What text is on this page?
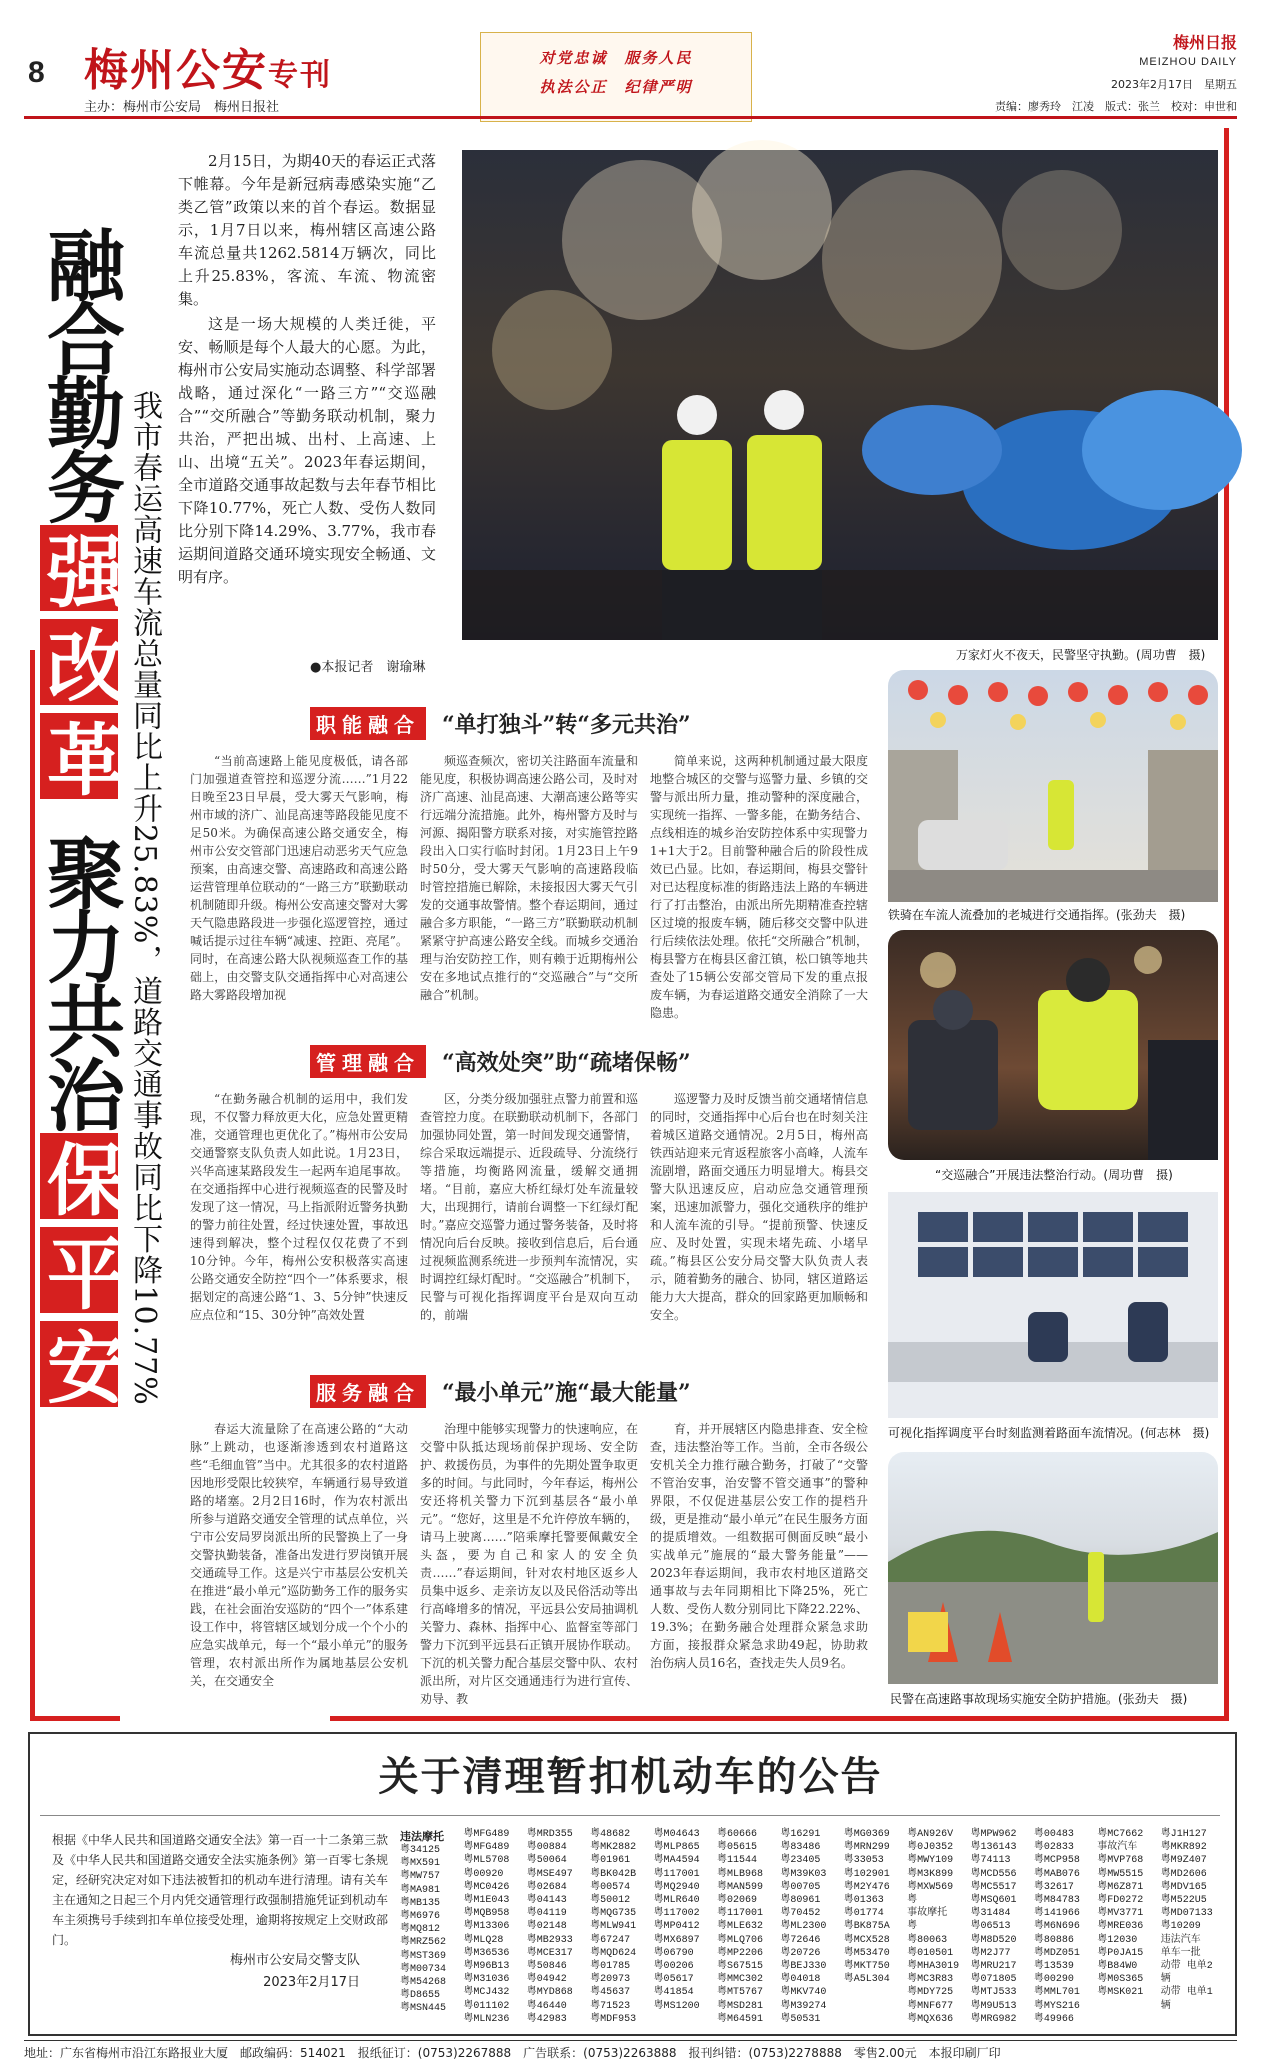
8 梅州公安专刊
主办：梅州市公安局　梅州日报社
对党忠诚　服务人民
执法公正　纪律严明
梅州日报
MEIZHOU DAILY
2023年2月17日　星期五
责编：廖秀玲　江凌　版式：张兰　校对：申世和
融合勤务强改革聚力共治保平安 我市春运高速车流总量同比上升25.83%，道路交通事故同比下降10.77%

2月15日，为期40天的春运正式落下帷幕。今年是新冠病毒感染实施“乙类乙管”政策以来的首个春运。数据显示，1月7日以来，梅州辖区高速公路车流总量共1262.5814万辆次，同比上升25.83%，客流、车流、物流密集。

这是一场大规模的人类迁徙，平安、畅顺是每个人最大的心愿。为此，梅州市公安局实施动态调整、科学部署战略，通过深化“一路三方”“交巡融合”“交所融合”等勤务联动机制，聚力共治，严把出城、出村、上高速、上山、出境“五关”。2023年春运期间，全市道路交通事故起数与去年春节相比下降10.77%，死亡人数、受伤人数同比分别下降14.29%、3.77%，我市春运期间道路交通环境实现安全畅通、文明有序。

●本报记者　谢瑜琳
万家灯火不夜天，民警坚守执勤。(周功曹　摄)
铁骑在车流人流叠加的老城进行交通指挥。(张劲夫　摄)
“交巡融合”开展违法整治行动。(周功曹　摄)
可视化指挥调度平台时刻监测着路面车流情况。(何志林　摄)
民警在高速路事故现场实施安全防护措施。(张劲夫　摄)
职能融合 “单打独斗”转“多元共治”

“当前高速路上能见度极低，请各部门加强道查管控和巡逻分流……”1月22日晚至23日早晨，受大雾天气影响，梅州市域的济广、汕昆高速等路段能见度不足50米。为确保高速公路交通安全，梅州市公安交管部门迅速启动恶劣天气应急预案，由高速交警、高速路政和高速公路运营管理单位联动的“一路三方”联勤联动机制随即升级。梅州公安高速交警对大雾天气隐患路段进一步强化巡逻管控，通过喊话提示过往车辆“减速、控距、亮尾”。同时，在高速公路大队视频巡查工作的基础上，由交警支队交通指挥中心对高速公路大雾路段增加视

频巡查频次，密切关注路面车流量和能见度，积极协调高速公路公司，及时对济广高速、汕昆高速、大潮高速公路等实行远端分流措施。此外，梅州警方及时与河源、揭阳警方联系对接，对实施管控路段出入口实行临时封闭。1月23日上午9时50分，受大雾天气影响的高速路段临时管控措施已解除，未接报因大雾天气引发的交通事故警情。整个春运期间，通过融合多方职能，“一路三方”联勤联动机制紧紧守护高速公路安全线。而城乡交通治理与治安防控工作，则有赖于近期梅州公安在多地试点推行的“交巡融合”与“交所融合”机制。

简单来说，这两种机制通过最大限度地整合城区的交警与巡警力量、乡镇的交警与派出所力量，推动警种的深度融合，实现统一指挥、一警多能，在勤务结合、点线相连的城乡治安防控体系中实现警力1+1大于2。目前警种融合后的阶段性成效已凸显。比如，春运期间，梅县交警针对已达程度标准的街路违法上路的车辆进行了打击整治，由派出所先期精准查控辖区过境的报废车辆，随后移交交警中队进行后续依法处理。依托“交所融合”机制，梅县警方在梅县区畲江镇，松口镇等地共查处了15辆公安部交管局下发的重点报废车辆，为春运道路交通安全消除了一大隐患。

管理融合 “高效处突”助“疏堵保畅”

“在勤务融合机制的运用中，我们发现，不仅警力释放更大化，应急处置更精准，交通管理也更优化了。”梅州市公安局交通警察支队负责人如此说。1月23日，兴华高速某路段发生一起两车追尾事故。在交通指挥中心进行视频巡查的民警及时发现了这一情况，马上指派附近警务执勤的警力前往处置，经过快速处置，事故迅速得到解决，整个过程仅仅花费了不到10分钟。今年，梅州公安积极落实高速公路交通安全防控“四个一”体系要求，根据划定的高速公路“1、3、5分钟”快速反应点位和“15、30分钟”高效处置

区，分类分级加强驻点警力前置和巡查管控力度。在联勤联动机制下，各部门加强协同处置，第一时间发现交通警情，综合采取远端提示、近段疏导、分流绕行等措施，均衡路网流量，缓解交通拥堵。“目前，嘉应大桥红绿灯处车流量较大，出现拥行，请前台调整一下红绿灯配时。”嘉应交巡警力通过警务装备，及时将情况向后台反映。接收到信息后，后台通过视频监测系统进一步预判车流情况，实时调控红绿灯配时。“交巡融合”机制下，民警与可视化指挥调度平台是双向互动的，前端

巡逻警力及时反馈当前交通堵情信息的同时，交通指挥中心后台也在时刻关注着城区道路交通情况。2月5日，梅州高铁西站迎来元宵返程旅客小高峰，人流车流剧增，路面交通压力明显增大。梅县交警大队迅速反应，启动应急交通管理预案，迅速加派警力，强化交通秩序的维护和人流车流的引导。“提前预警、快速反应、及时处置，实现未堵先疏、小堵早疏。”梅县区公安分局交警大队负责人表示，随着勤务的融合、协同，辖区道路运能力大大提高，群众的回家路更加顺畅和安全。

服务融合 “最小单元”施“最大能量”

春运大流量除了在高速公路的“大动脉”上跳动，也逐渐渗透到农村道路这些“毛细血管”当中。尤其很多的农村道路因地形受限比较狭窄，车辆通行易导致道路的堵塞。2月2日16时，作为农村派出所参与道路交通安全管理的试点单位，兴宁市公安局罗岗派出所的民警换上了一身交警执勤装备，准备出发进行罗岗镇开展交通疏导工作。这是兴宁市基层公安机关在推进“最小单元”巡防勤务工作的服务实践，在社会面治安巡防的“四个一”体系建设工作中，将管辖区域划分成一个个小的应急实战单元，每一个“最小单元”的服务管理，农村派出所作为属地基层公安机关，在交通安全

治理中能够实现警力的快速响应，在交警中队抵达现场前保护现场、安全防护、救援伤员，为事件的先期处置争取更多的时间。与此同时，今年春运，梅州公安还将机关警力下沉到基层各“最小单元”。“您好，这里是不允许停放车辆的，请马上驶离……”陪乘摩托警要佩戴安全头盔，要为自己和家人的安全负责……”春运期间，针对农村地区返乡人员集中返乡、走亲访友以及民俗活动等出行高峰增多的情况，平远县公安局抽调机关警力、森林、指挥中心、监督室等部门警力下沉到平远县石正镇开展协作联动。下沉的机关警力配合基层交警中队、农村派出所，对片区交通通违行为进行宣传、劝导、教

育，并开展辖区内隐患排查、安全检查，违法整治等工作。当前，全市各级公安机关全力推行融合勤务，打破了“交警不管治安事，治安警不管交通事”的警种界限，不仅促进基层公安工作的提档升级，更是推动“最小单元”在民生服务方面的提质增效。一组数据可侧面反映“最小实战单元”施展的“最大警务能量”——2023年春运期间，我市农村地区道路交通事故与去年同期相比下降25%，死亡人数、受伤人数分别同比下降22.22%、19.3%；在勤务融合处理群众紧急求助方面，接报群众紧急求助49起，协助救治伤病人员16名，查找走失人员9名。

关于清理暂扣机动车的公告
根据《中华人民共和国道路交通安全法》第一百一十二条第三款及《中华人民共和国道路交通安全法实施条例》第一百零七条规定，经研究决定对如下违法被暂扣的机动车进行清理。请有关车主在通知之日起三个月内凭交通管理行政强制措施凭证到机动车车主须携号手续到扣车单位接受处理，逾期将按规定上交财政部门。
梅州市公安局交警支队
2023年2月17日
违法摩托
粤34125
粤MX591
粤MW757
粤MA981
粤MB135
粤M6976
粤MQ812
粤MRZ562
粤MST369
粤M00734
粤M54268
粤D8655
粤MSN445
粤MFG489
粤MFG489
粤ML5708
粤00920
粤MC0426
粤M1E043
粤MQB958
粤M13306
粤MLQ28
粤M36536
粤M96B13
粤M31036
粤MCJ432
粤011102
粤MLN236
粤MRD355
粤00884
粤50064
粤MSE497
粤02684
粤04143
粤04119
粤02148
粤MB2933
粤MCE317
粤50846
粤04942
粤MYD868
粤46440
粤42983
粤48682
粤MK2882
粤01961
粤BK042B
粤00574
粤50012
粤MQG735
粤MLW941
粤67247
粤MQD624
粤01785
粤20973
粤45637
粤71523
粤MDF953
粤M04643
粤MLP865
粤MA4594
粤117001
粤MQ2940
粤MLR640
粤117002
粤MP0412
粤MX6897
粤06790
粤00206
粤05617
粤41854
粤MS1200
粤60666
粤05615
粤11544
粤MLB968
粤MAN599
粤02069
粤117001
粤MLE632
粤MLQ706
粤MP2206
粤S67515
粤MMC302
粤MT5767
粤MSD281
粤M64591
粤16291
粤83486
粤23405
粤M39K03
粤00705
粤80961
粤70452
粤ML2300
粤72646
粤20726
粤BEJ330
粤04018
粤MKV740
粤M39274
粤50531
粤MG0369
粤MRN299
粤33053
粤102901
粤M2Y476
粤01363
粤01774
粤BK875A
粤MCX528
粤M53470
粤MKT750
粤A5L304
粤AN926V
粤0J0352
粤MWY109
粤M3K899
粤MXW569
粤
事故摩托
粤
粤80063
粤010501
粤MHA3019
粤MC3R83
粤MDY725
粤MNF677
粤MQX636
粤MPW962
粤136143
粤74113
粤MCD556
粤MC5517
粤MSQ601
粤31484
粤06513
粤M8D520
粤M2J77
粤MRU217
粤071805
粤MTJ533
粤M9U513
粤MRG982
粤00483
粤02833
粤MCP958
粤MAB076
粤32617
粤M84783
粤141966
粤M6N696
粤80886
粤MDZ051
粤13539
粤00290
粤MML701
粤MYS216
粤49966
粤MC7662
事故汽车
粤MVP768
粤MW5515
粤M6Z871
粤FD0272
粤MV3771
粤MRE036
粤12030
粤P0JA15
粤B84W0
粤M0S365
粤MSK021
粤J1H127
粤MKR892
粤M9Z407
粤MD2606
粤MDV165
粤M522U5
粤MD07133
粤10209
违法汽车
单车一批
动带 电单2辆
动带 电单1辆
地址：广东省梅州市沿江东路报业大厦　邮政编码：514021　报纸征订：(0753)2267888　广告联系：(0753)2263888　报刊纠错：(0753)2278888　零售2.00元　本报印刷厂印
